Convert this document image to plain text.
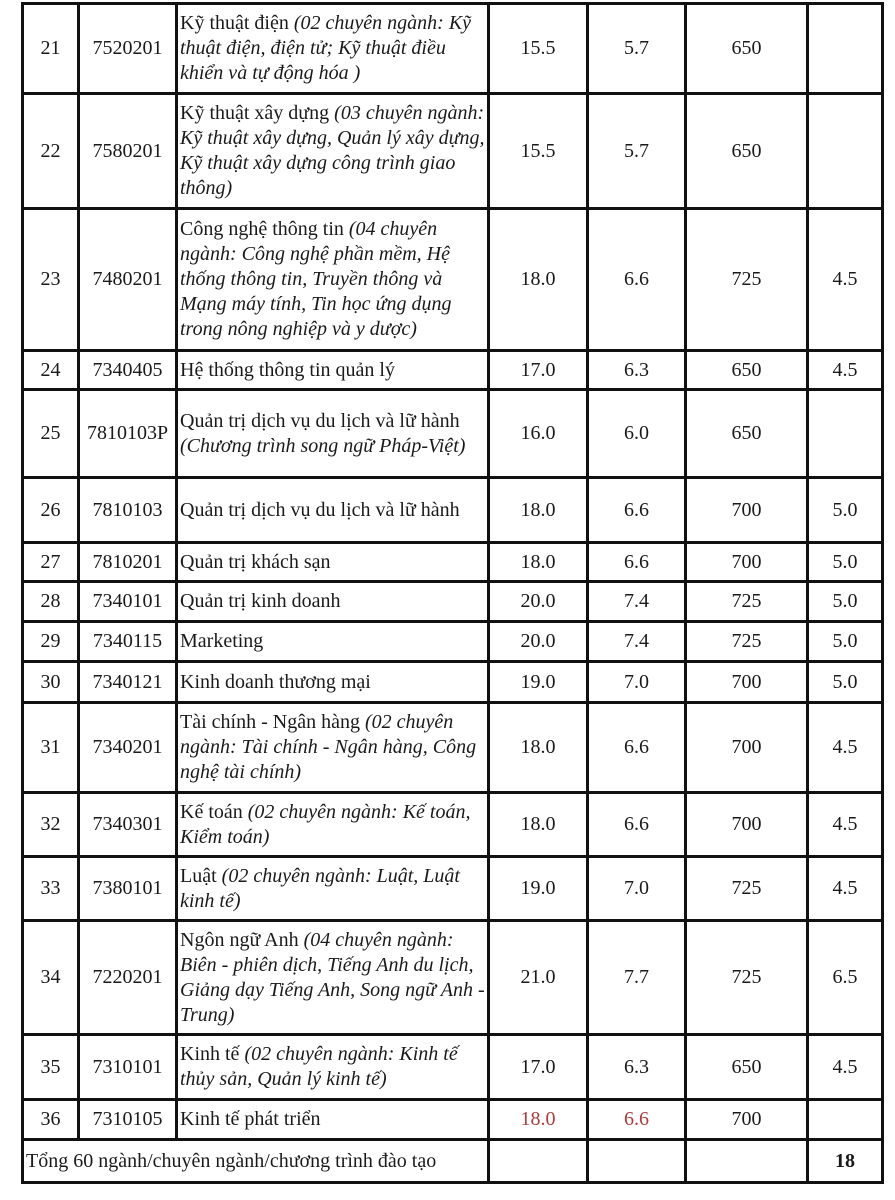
21	7520201	Kỹ thuật điện (02 chuyên ngành: Kỹ thuật điện, điện tử; Kỹ thuật điều khiển và tự động hóa )	15.5	5.7	650	
22	7580201	Kỹ thuật xây dựng (03 chuyên ngành: Kỹ thuật xây dựng, Quản lý xây dựng, Kỹ thuật xây dựng công trình giao thông)	15.5	5.7	650	
23	7480201	Công nghệ thông tin (04 chuyên ngành: Công nghệ phần mềm, Hệ thống thông tin, Truyền thông và Mạng máy tính, Tin học ứng dụng trong nông nghiệp và y dược)	18.0	6.6	725	4.5
24	7340405	Hệ thống thông tin quản lý	17.0	6.3	650	4.5
25	7810103P	Quản trị dịch vụ du lịch và lữ hành (Chương trình song ngữ Pháp-Việt)	16.0	6.0	650	
26	7810103	Quản trị dịch vụ du lịch và lữ hành	18.0	6.6	700	5.0
27	7810201	Quản trị khách sạn	18.0	6.6	700	5.0
28	7340101	Quản trị kinh doanh	20.0	7.4	725	5.0
29	7340115	Marketing	20.0	7.4	725	5.0
30	7340121	Kinh doanh thương mại	19.0	7.0	700	5.0
31	7340201	Tài chính - Ngân hàng (02 chuyên ngành: Tài chính - Ngân hàng, Công nghệ tài chính)	18.0	6.6	700	4.5
32	7340301	Kế toán (02 chuyên ngành: Kế toán, Kiểm toán)	18.0	6.6	700	4.5
33	7380101	Luật (02 chuyên ngành: Luật, Luật kinh tế)	19.0	7.0	725	4.5
34	7220201	Ngôn ngữ Anh (04 chuyên ngành: Biên - phiên dịch, Tiếng Anh du lịch, Giảng dạy Tiếng Anh, Song ngữ Anh - Trung)	21.0	7.7	725	6.5
35	7310101	Kinh tế (02 chuyên ngành: Kinh tế thủy sản, Quản lý kinh tế)	17.0	6.3	650	4.5
36	7310105	Kinh tế phát triển	18.0	6.6	700	
Tổng 60 ngành/chuyên ngành/chương trình đào tạo						18
